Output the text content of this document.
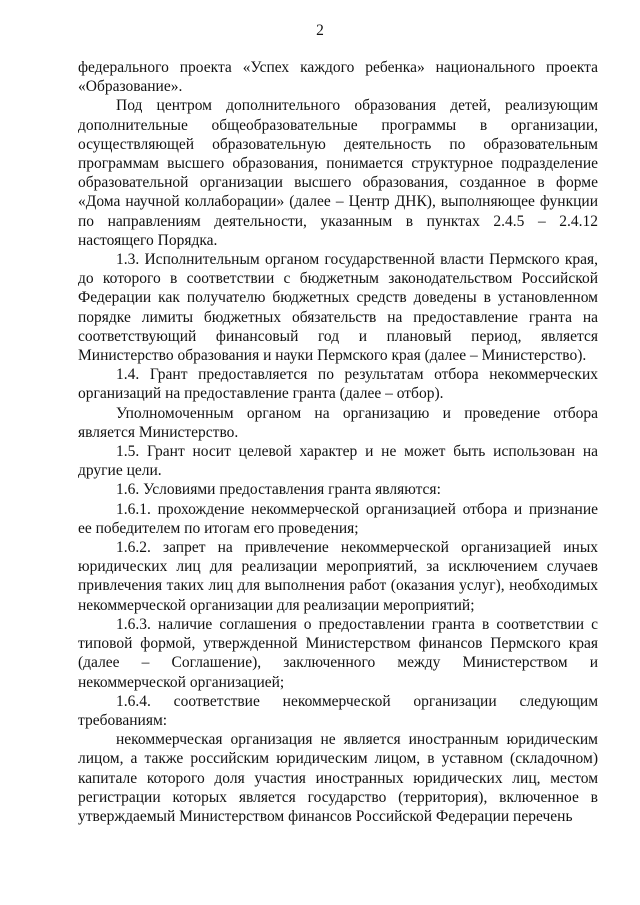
2

федерального проекта «Успех каждого ребенка» национального проекта «Образование».

Под центром дополнительного образования детей, реализующим дополнительные общеобразовательные программы в организации, осуществляющей образовательную деятельность по образовательным программам высшего образования, понимается структурное подразделение образовательной организации высшего образования, созданное в форме «Дома научной коллаборации» (далее – Центр ДНК), выполняющее функции по направлениям деятельности, указанным в пунктах 2.4.5 – 2.4.12 настоящего Порядка.

1.3. Исполнительным органом государственной власти Пермского края, до которого в соответствии с бюджетным законодательством Российской Федерации как получателю бюджетных средств доведены в установленном порядке лимиты бюджетных обязательств на предоставление гранта на соответствующий финансовый год и плановый период, является Министерство образования и науки Пермского края (далее – Министерство).

1.4. Грант предоставляется по результатам отбора некоммерческих организаций на предоставление гранта (далее – отбор).

Уполномоченным органом на организацию и проведение отбора является Министерство.

1.5. Грант носит целевой характер и не может быть использован на другие цели.

1.6. Условиями предоставления гранта являются:

1.6.1. прохождение некоммерческой организацией отбора и признание ее победителем по итогам его проведения;

1.6.2. запрет на привлечение некоммерческой организацией иных юридических лиц для реализации мероприятий, за исключением случаев привлечения таких лиц для выполнения работ (оказания услуг), необходимых некоммерческой организации для реализации мероприятий;

1.6.3. наличие соглашения о предоставлении гранта в соответствии с типовой формой, утвержденной Министерством финансов Пермского края (далее – Соглашение), заключенного между Министерством и некоммерческой организацией;

1.6.4. соответствие некоммерческой организации следующим требованиям:

некоммерческая организация не является иностранным юридическим лицом, а также российским юридическим лицом, в уставном (складочном) капитале которого доля участия иностранных юридических лиц, местом регистрации которых является государство (территория), включенное в утверждаемый Министерством финансов Российской Федерации перечень
